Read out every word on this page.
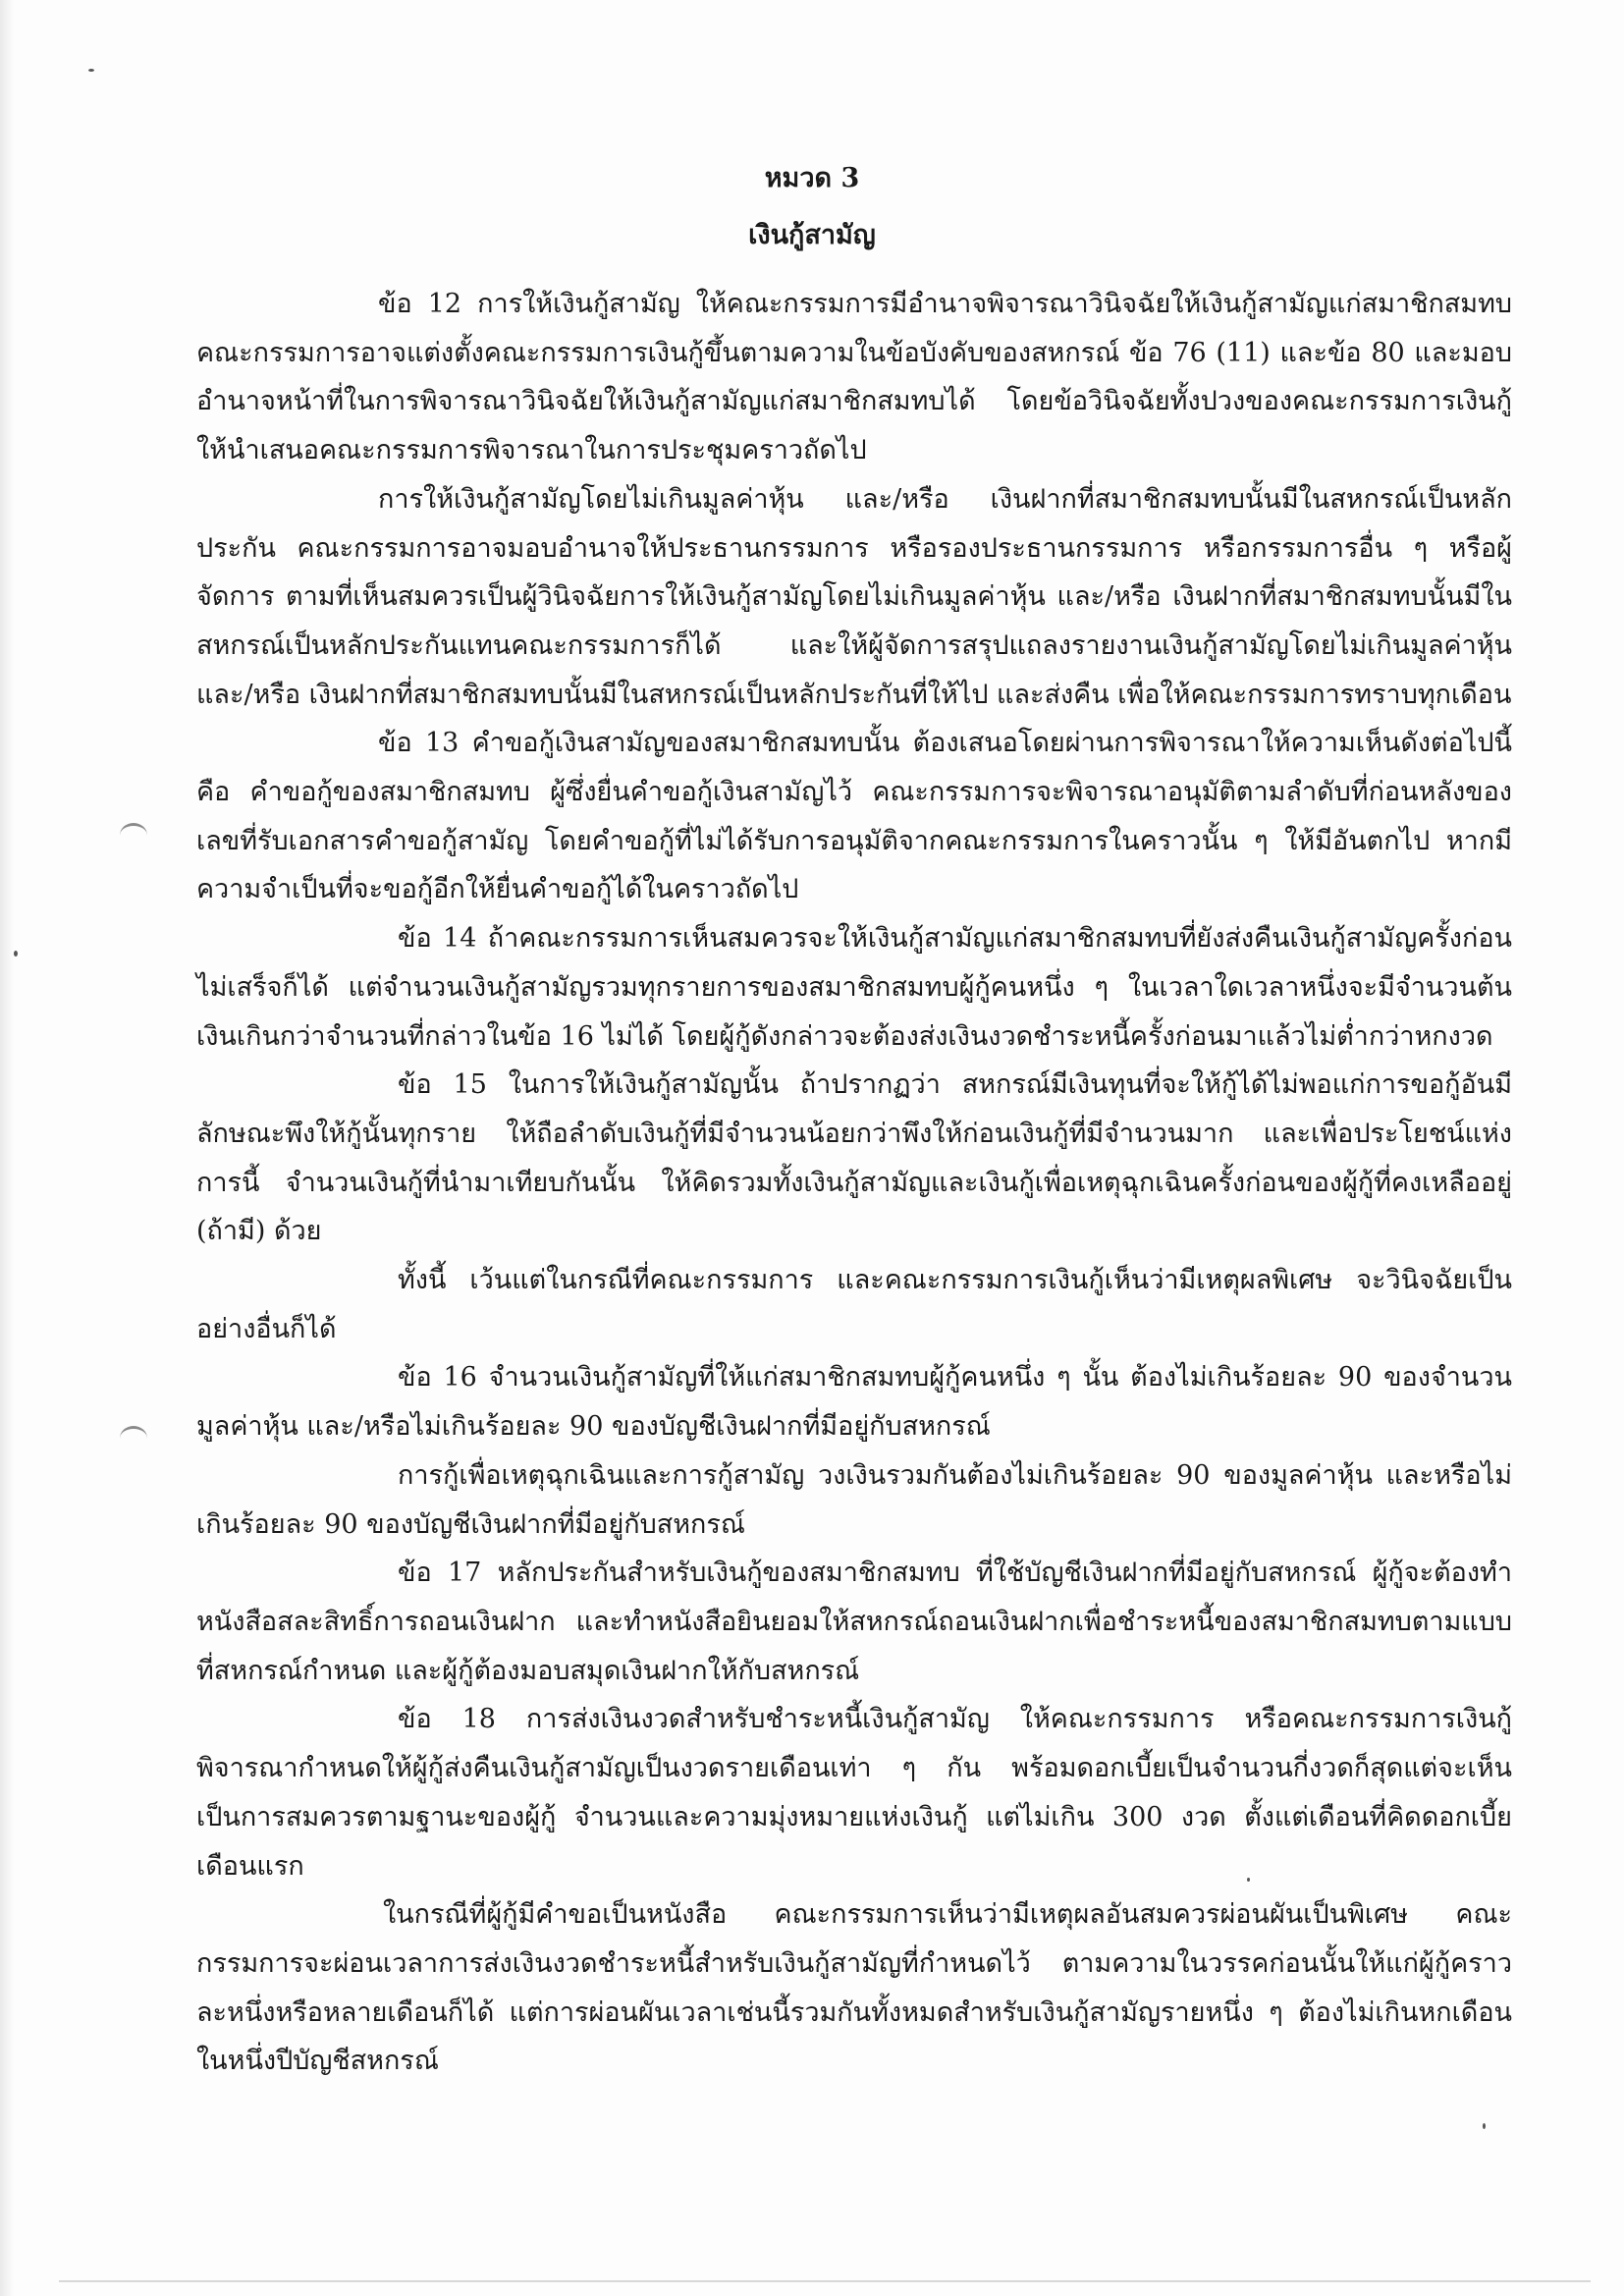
หมวด 3
เงินกู้สามัญ

ข้อ 12 การให้เงินกู้สามัญ ให้คณะกรรมการมีอำนาจพิจารณาวินิจฉัยให้เงินกู้สามัญแก่สมาชิกสมทบ คณะกรรมการอาจแต่งตั้งคณะกรรมการเงินกู้ขึ้นตามความในข้อบังคับของสหกรณ์ ข้อ 76 (11) และข้อ 80 และมอบอำนาจหน้าที่ในการพิจารณาวินิจฉัยให้เงินกู้สามัญแก่สมาชิกสมทบได้ โดยข้อวินิจฉัยทั้งปวงของคณะกรรมการเงินกู้ให้นำเสนอคณะกรรมการพิจารณาในการประชุมคราวถัดไป

การให้เงินกู้สามัญโดยไม่เกินมูลค่าหุ้น และ/หรือ เงินฝากที่สมาชิกสมทบนั้นมีในสหกรณ์เป็นหลักประกัน คณะกรรมการอาจมอบอำนาจให้ประธานกรรมการ หรือรองประธานกรรมการ หรือกรรมการอื่น ๆ หรือผู้จัดการ ตามที่เห็นสมควรเป็นผู้วินิจฉัยการให้เงินกู้สามัญโดยไม่เกินมูลค่าหุ้น และ/หรือ เงินฝากที่สมาชิกสมทบนั้นมีในสหกรณ์เป็นหลักประกันแทนคณะกรรมการก็ได้ และให้ผู้จัดการสรุปแถลงรายงานเงินกู้สามัญโดยไม่เกินมูลค่าหุ้น และ/หรือ เงินฝากที่สมาชิกสมทบนั้นมีในสหกรณ์เป็นหลักประกันที่ให้ไป และส่งคืน เพื่อให้คณะกรรมการทราบทุกเดือน

ข้อ 13 คำขอกู้เงินสามัญของสมาชิกสมทบนั้น ต้องเสนอโดยผ่านการพิจารณาให้ความเห็นดังต่อไปนี้ คือ คำขอกู้ของสมาชิกสมทบ ผู้ซึ่งยื่นคำขอกู้เงินสามัญไว้ คณะกรรมการจะพิจารณาอนุมัติตามลำดับที่ก่อนหลังของเลขที่รับเอกสารคำขอกู้สามัญ โดยคำขอกู้ที่ไม่ได้รับการอนุมัติจากคณะกรรมการในคราวนั้น ๆ ให้มีอันตกไป หากมีความจำเป็นที่จะขอกู้อีกให้ยื่นคำขอกู้ได้ในคราวถัดไป

ข้อ 14 ถ้าคณะกรรมการเห็นสมควรจะให้เงินกู้สามัญแก่สมาชิกสมทบที่ยังส่งคืนเงินกู้สามัญครั้งก่อนไม่เสร็จก็ได้ แต่จำนวนเงินกู้สามัญรวมทุกรายการของสมาชิกสมทบผู้กู้คนหนึ่ง ๆ ในเวลาใดเวลาหนึ่งจะมีจำนวนต้นเงินเกินกว่าจำนวนที่กล่าวในข้อ 16 ไม่ได้ โดยผู้กู้ดังกล่าวจะต้องส่งเงินงวดชำระหนี้ครั้งก่อนมาแล้วไม่ต่ำกว่าหกงวด

ข้อ 15 ในการให้เงินกู้สามัญนั้น ถ้าปรากฏว่า สหกรณ์มีเงินทุนที่จะให้กู้ได้ไม่พอแก่การขอกู้อันมีลักษณะพึงให้กู้นั้นทุกราย ให้ถือลำดับเงินกู้ที่มีจำนวนน้อยกว่าพึงให้ก่อนเงินกู้ที่มีจำนวนมาก และเพื่อประโยชน์แห่งการนี้ จำนวนเงินกู้ที่นำมาเทียบกันนั้น ให้คิดรวมทั้งเงินกู้สามัญและเงินกู้เพื่อเหตุฉุกเฉินครั้งก่อนของผู้กู้ที่คงเหลืออยู่ (ถ้ามี) ด้วย

ทั้งนี้ เว้นแต่ในกรณีที่คณะกรรมการ และคณะกรรมการเงินกู้เห็นว่ามีเหตุผลพิเศษ จะวินิจฉัยเป็นอย่างอื่นก็ได้

ข้อ 16 จำนวนเงินกู้สามัญที่ให้แก่สมาชิกสมทบผู้กู้คนหนึ่ง ๆ นั้น ต้องไม่เกินร้อยละ 90 ของจำนวนมูลค่าหุ้น และ/หรือไม่เกินร้อยละ 90 ของบัญชีเงินฝากที่มีอยู่กับสหกรณ์

การกู้เพื่อเหตุฉุกเฉินและการกู้สามัญ วงเงินรวมกันต้องไม่เกินร้อยละ 90 ของมูลค่าหุ้น และหรือไม่เกินร้อยละ 90 ของบัญชีเงินฝากที่มีอยู่กับสหกรณ์

ข้อ 17 หลักประกันสำหรับเงินกู้ของสมาชิกสมทบ ที่ใช้บัญชีเงินฝากที่มีอยู่กับสหกรณ์ ผู้กู้จะต้องทำหนังสือสละสิทธิ์การถอนเงินฝาก และทำหนังสือยินยอมให้สหกรณ์ถอนเงินฝากเพื่อชำระหนี้ของสมาชิกสมทบตามแบบที่สหกรณ์กำหนด และผู้กู้ต้องมอบสมุดเงินฝากให้กับสหกรณ์

ข้อ 18 การส่งเงินงวดสำหรับชำระหนี้เงินกู้สามัญ ให้คณะกรรมการ หรือคณะกรรมการเงินกู้พิจารณากำหนดให้ผู้กู้ส่งคืนเงินกู้สามัญเป็นงวดรายเดือนเท่า ๆ กัน พร้อมดอกเบี้ยเป็นจำนวนกี่งวดก็สุดแต่จะเห็นเป็นการสมควรตามฐานะของผู้กู้ จำนวนและความมุ่งหมายแห่งเงินกู้ แต่ไม่เกิน 300 งวด ตั้งแต่เดือนที่คิดดอกเบี้ยเดือนแรก

ในกรณีที่ผู้กู้มีคำขอเป็นหนังสือ คณะกรรมการเห็นว่ามีเหตุผลอันสมควรผ่อนผันเป็นพิเศษ คณะกรรมการจะผ่อนเวลาการส่งเงินงวดชำระหนี้สำหรับเงินกู้สามัญที่กำหนดไว้ ตามความในวรรคก่อนนั้นให้แก่ผู้กู้คราวละหนึ่งหรือหลายเดือนก็ได้ แต่การผ่อนผันเวลาเช่นนี้รวมกันทั้งหมดสำหรับเงินกู้สามัญรายหนึ่ง ๆ ต้องไม่เกินหกเดือนในหนึ่งปีบัญชีสหกรณ์
